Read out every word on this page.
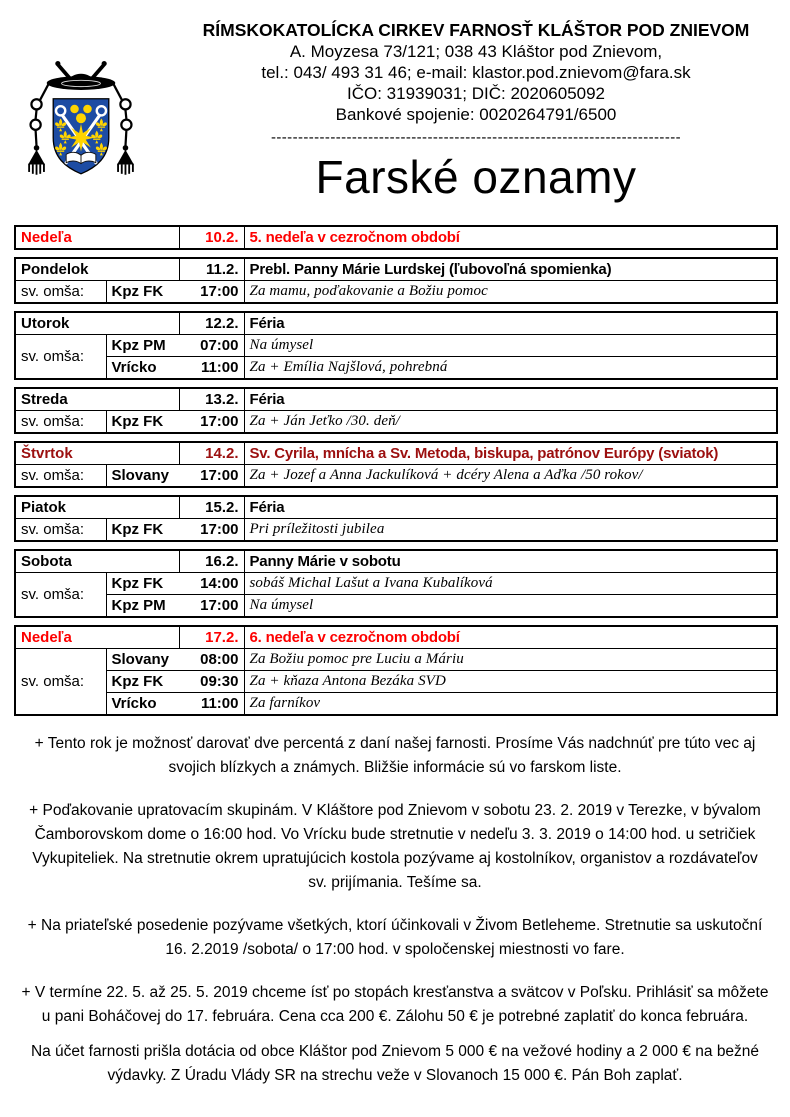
RÍMSKOKATOLÍCKA CIRKEV FARNOSŤ KLÁŠTOR POD ZNIEVOM
A. Moyzesa 73/121; 038 43 Kláštor pod Znievom,
tel.: 043/ 493 31 46; e-mail: klastor.pod.znievom@fara.sk
IČO: 31939031; DIČ: 2020605092
Bankové spojenie: 0020264791/6500
----------------------------------------------------------------------------
Farské oznamy
Nedeľa	10.2.	5. nedeľa v cezročnom období
Pondelok		11.2.	Prebl. Panny Márie Lurdskej (ľubovoľná spomienka)
sv. omša:	Kpz FK 17:00		Za mamu, poďakovanie a Božiu pomoc
Utorok		12.2.	Féria
sv. omša:	Kpz PM 07:00		Na úmysel

	Vrícko 11:00		Za + Emília Najšlová, pohrebná
Streda		13.2.	Féria
sv. omša:	Kpz FK 17:00		Za + Ján Jeťko /30. deň/
Štvrtok		14.2.	Sv. Cyrila, mnícha a Sv. Metoda, biskupa, patrónov Európy (sviatok)
sv. omša:	Slovany 17:00		Za + Jozef a Anna Jackulíková + dcéry Alena a Aďka /50 rokov/
Piatok		15.2.	Féria
sv. omša:	Kpz FK 17:00		Pri príležitosti jubilea
Sobota		16.2.	Panny Márie v sobotu
sv. omša:	Kpz FK 14:00		sobáš Michal Lašut a Ivana Kubalíková

	Kpz PM 17:00		Na úmysel
Nedeľa		17.2.	6. nedeľa v cezročnom období
sv. omša:	Slovany 08:00		Za Božiu pomoc pre Luciu a Máriu

	Kpz FK 09:30		Za + kňaza Antona Bezáka SVD

	Vrícko 11:00		Za farníkov
+ Tento rok je možnosť darovať dve percentá z daní našej farnosti. Prosíme Vás nadchnúť pre túto vec aj
svojich blízkych a známych. Bližšie informácie sú vo farskom liste.
+ Poďakovanie upratovacím skupinám. V Kláštore pod Znievom v sobotu 23. 2. 2019 v Terezke, v bývalom
Čamborovskom dome o 16:00 hod. Vo Vrícku bude stretnutie v nedeľu 3. 3. 2019 o 14:00 hod. u setričiek
Vykupiteliek. Na stretnutie okrem upratujúcich kostola pozývame aj kostolníkov, organistov a rozdávateľov
sv. prijímania. Tešíme sa.
+ Na priateľské posedenie pozývame všetkých, ktorí účinkovali v Živom Betleheme. Stretnutie sa uskutoční
16. 2.2019 /sobota/ o 17:00 hod. v spoločenskej miestnosti vo fare.
+ V termíne 22. 5. až 25. 5. 2019 chceme ísť po stopách kresťanstva a svätcov v Poľsku. Prihlásiť sa môžete
u pani Boháčovej do 17. februára. Cena cca 200 €. Zálohu 50 € je potrebné zaplatiť do konca februára.
Na účet farnosti prišla dotácia od obce Kláštor pod Znievom 5 000 € na vežové hodiny a 2 000 € na bežné
výdavky. Z Úradu Vlády SR na strechu veže v Slovanoch 15 000 €. Pán Boh zaplať.
